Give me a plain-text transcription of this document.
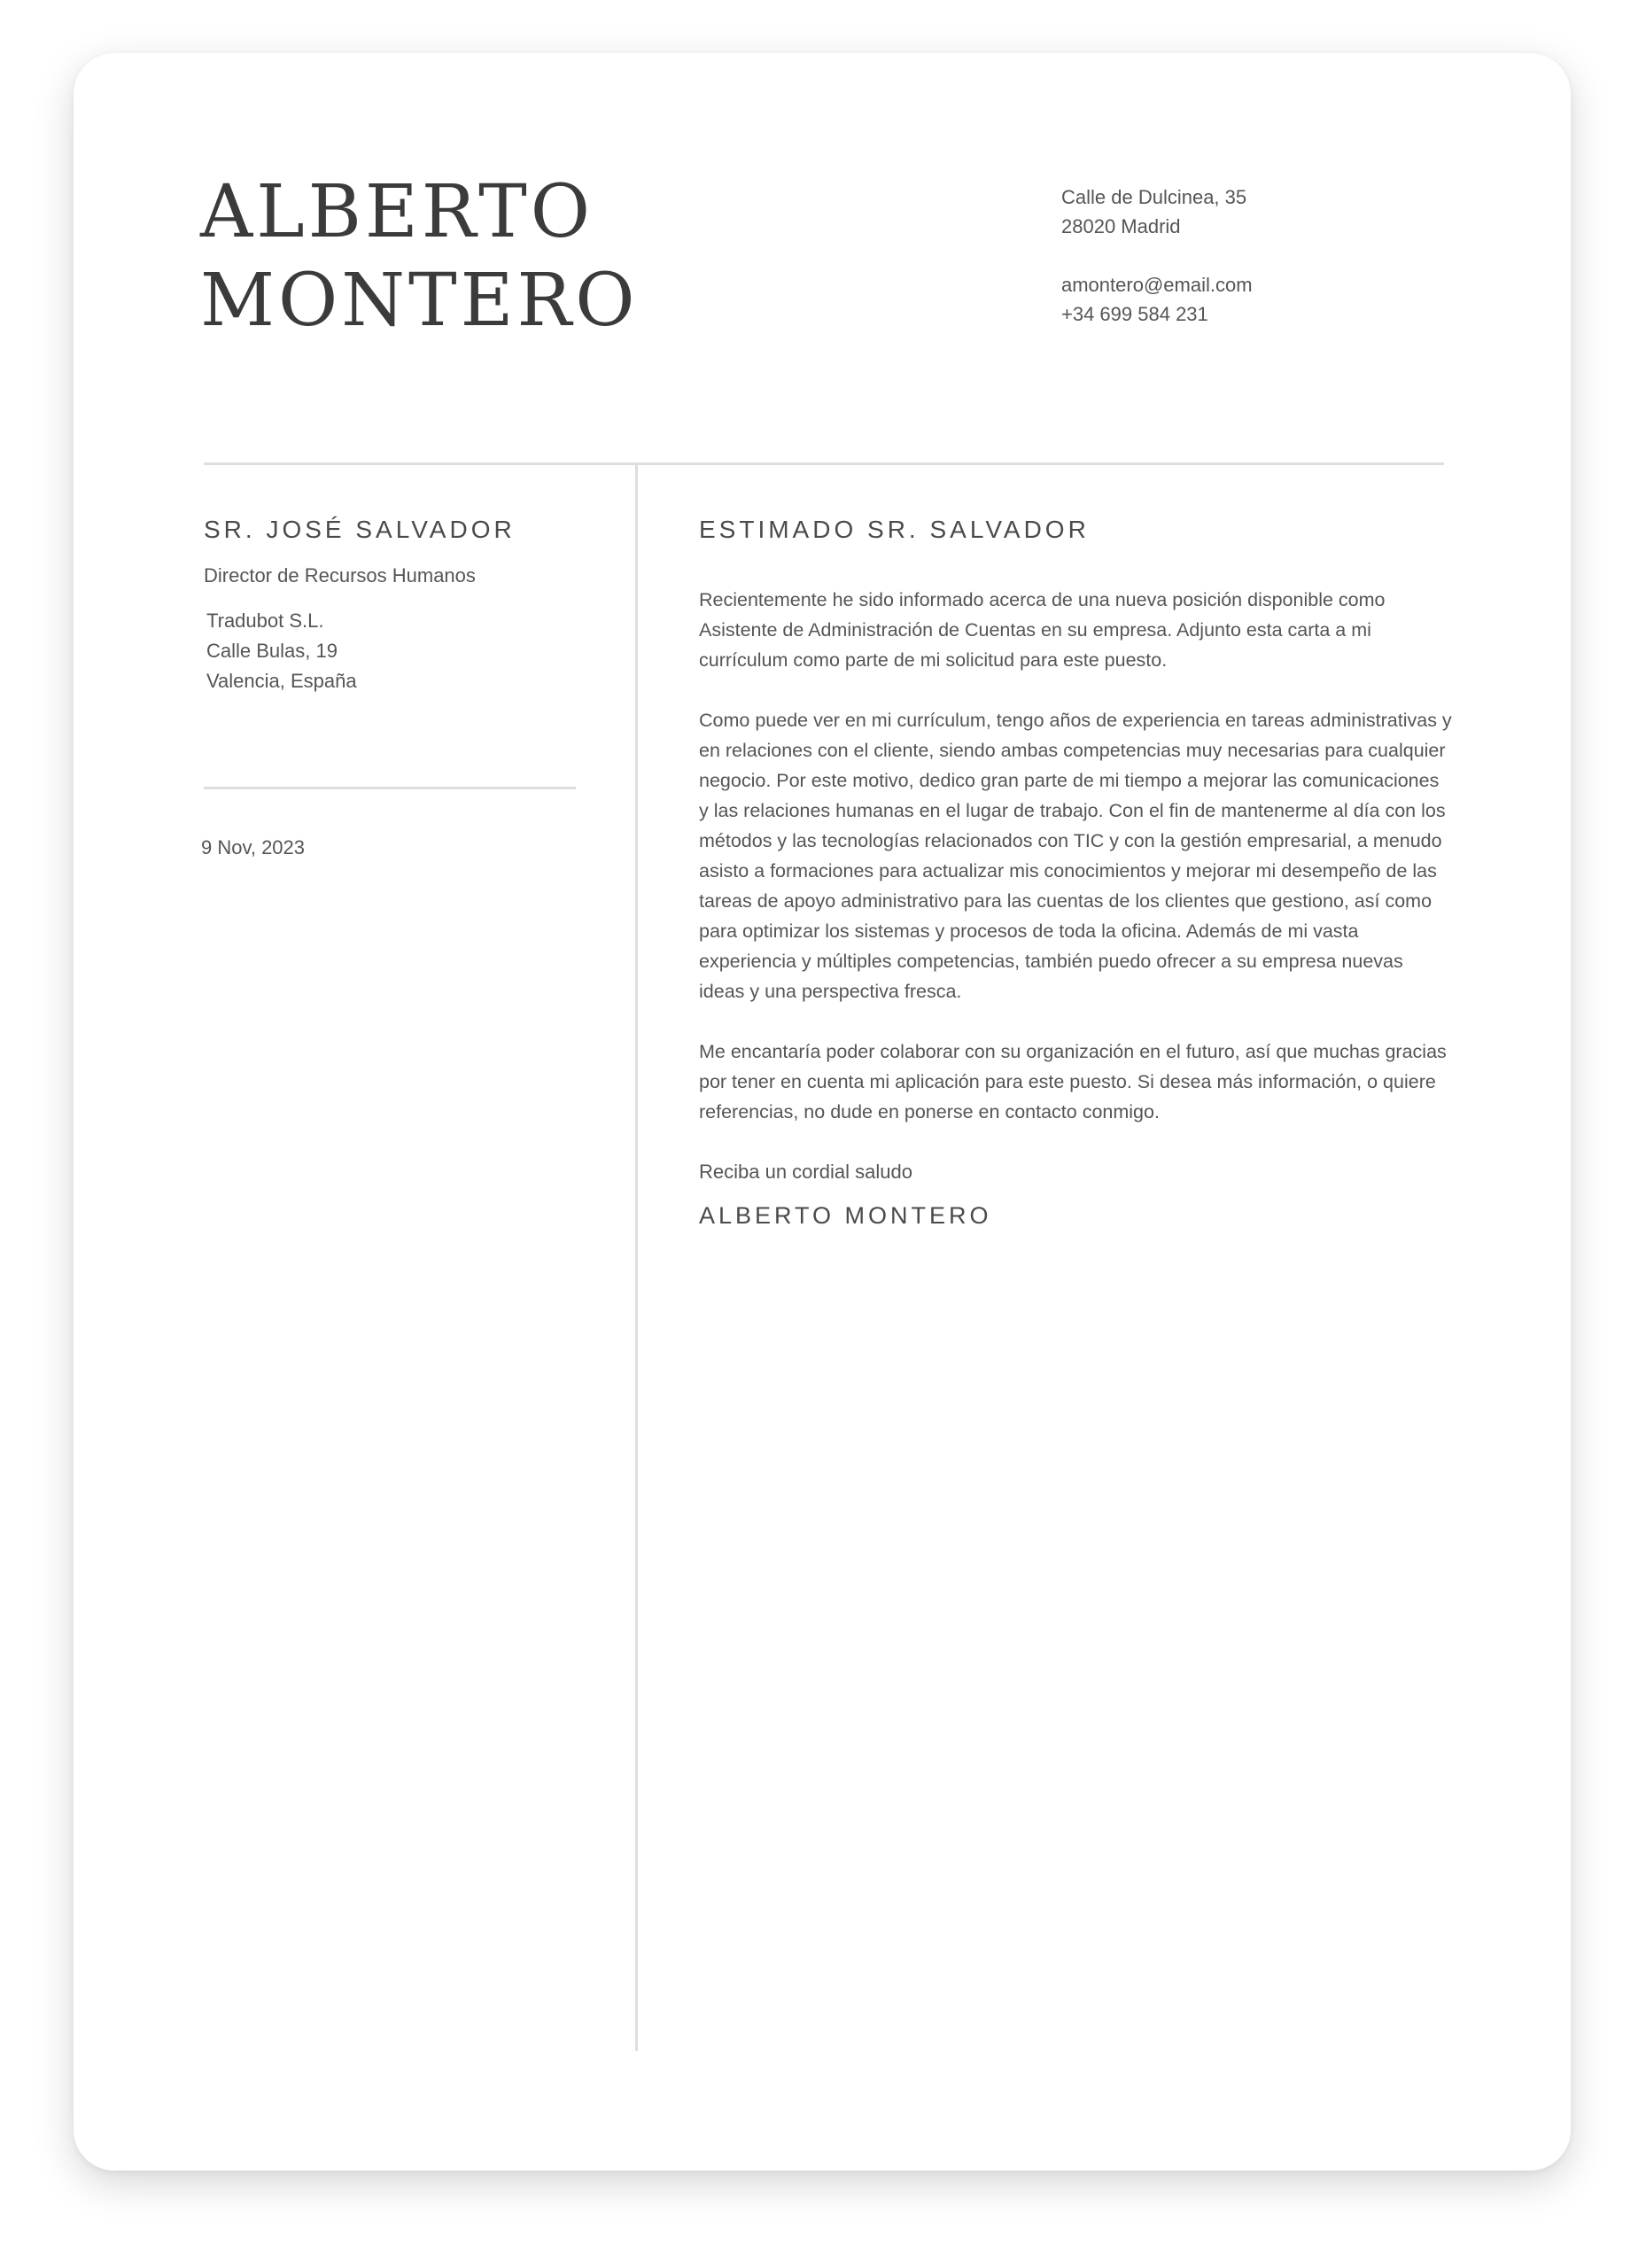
ALBERTO
MONTERO
Calle de Dulcinea, 35
28020 Madrid
amontero@email.com
+34 699 584 231
SR. JOSÉ SALVADOR
Director de Recursos Humanos
Tradubot S.L.
Calle Bulas, 19
Valencia, España
9 Nov, 2023
ESTIMADO SR. SALVADOR

Recientemente he sido informado acerca de una nueva posición disponible como Asistente de Administración de Cuentas en su empresa. Adjunto esta carta a mi currículum como parte de mi solicitud para este puesto.

Como puede ver en mi currículum, tengo años de experiencia en tareas administrativas y en relaciones con el cliente, siendo ambas competencias muy necesarias para cualquier negocio. Por este motivo, dedico gran parte de mi tiempo a mejorar las comunicaciones y las relaciones humanas en el lugar de trabajo. Con el fin de mantenerme al día con los métodos y las tecnologías relacionados con TIC y con la gestión empresarial, a menudo asisto a formaciones para actualizar mis conocimientos y mejorar mi desempeño de las tareas de apoyo administrativo para las cuentas de los clientes que gestiono, así como para optimizar los sistemas y procesos de toda la oficina. Además de mi vasta experiencia y múltiples competencias, también puedo ofrecer a su empresa nuevas ideas y una perspectiva fresca.

Me encantaría poder colaborar con su organización en el futuro, así que muchas gracias por tener en cuenta mi aplicación para este puesto. Si desea más información, o quiere referencias, no dude en ponerse en contacto conmigo.

Reciba un cordial saludo
ALBERTO MONTERO
